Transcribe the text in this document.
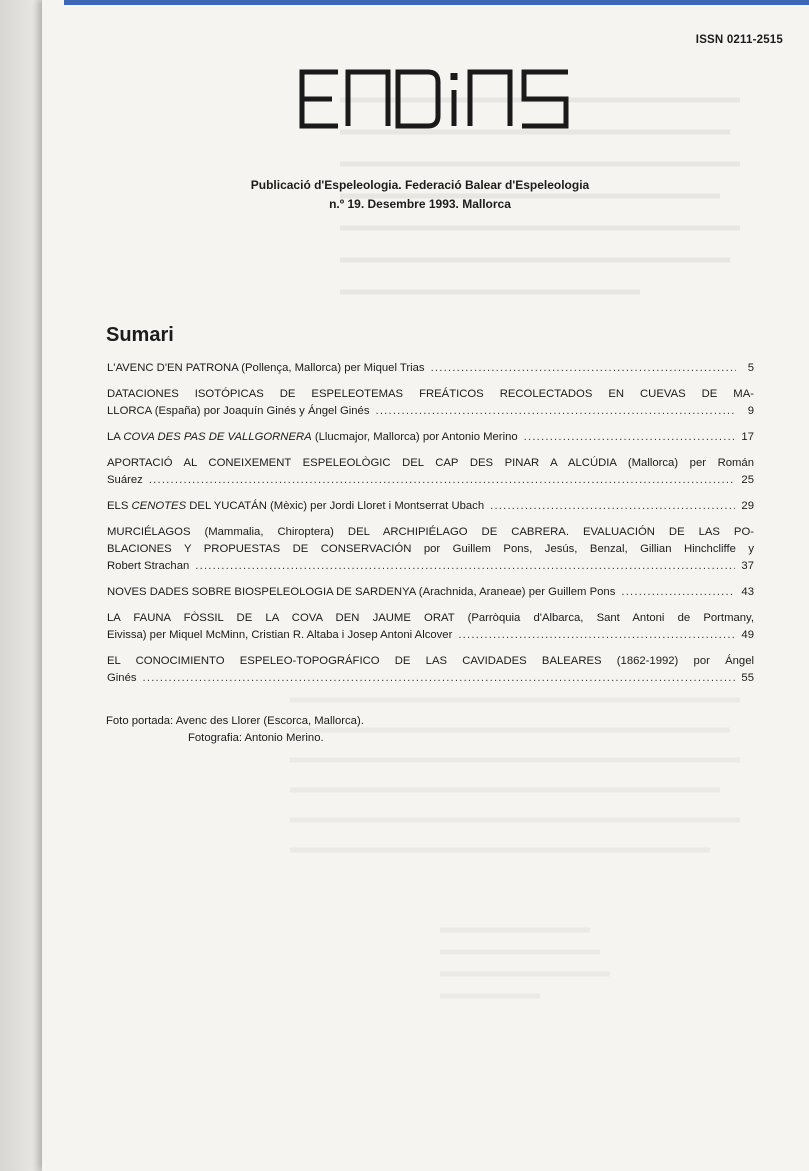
ISSN 0211-2515
Publicació d'Espeleologia. Federació Balear d'Espeleologia
n.º 19. Desembre 1993. Mallorca
Sumari
L'AVENC D'EN PATRONA (Pollença, Mallorca) per Miquel Trias .....	5
DATACIONES ISOTÓPICAS DE ESPELEOTEMAS FREÁTICOS RECOLECTADOS EN CUEVAS DE MA-
LLORCA (España) por Joaquín Ginés y Ángel Ginés .....	9
LA COVA DES PAS DE VALLGORNERA (Llucmajor, Mallorca) por Antonio Merino .....	17
APORTACIÓ AL CONEIXEMENT ESPELEOLÒGIC DEL CAP DES PINAR A ALCÚDIA (Mallorca) per Román
Suárez .....	25
ELS CENOTES DEL YUCATÁN (Mèxic) per Jordi Lloret i Montserrat Ubach .....	29
MURCIÉLAGOS (Mammalia, Chiroptera) DEL ARCHIPIÉLAGO DE CABRERA. EVALUACIÓN DE LAS PO-
BLACIONES Y PROPUESTAS DE CONSERVACIÓN por Guillem Pons, Jesús, Benzal, Gillian Hinchcliffe y
Robert Strachan .....	37
NOVES DADES SOBRE BIOSPELEOLOGIA DE SARDENYA (Arachnida, Araneae) per Guillem Pons .....	43
LA FAUNA FÒSSIL DE LA COVA DEN JAUME ORAT (Parròquia d'Albarca, Sant Antoni de Portmany,
Eivissa) per Miquel McMinn, Cristian R. Altaba i Josep Antoni Alcover .....	49
EL CONOCIMIENTO ESPELEO-TOPOGRÁFICO DE LAS CAVIDADES BALEARES (1862-1992) por Ángel
Ginés .....	55
Foto portada: Avenc des Llorer (Escorca, Mallorca).
Fotografia: Antonio Merino.
